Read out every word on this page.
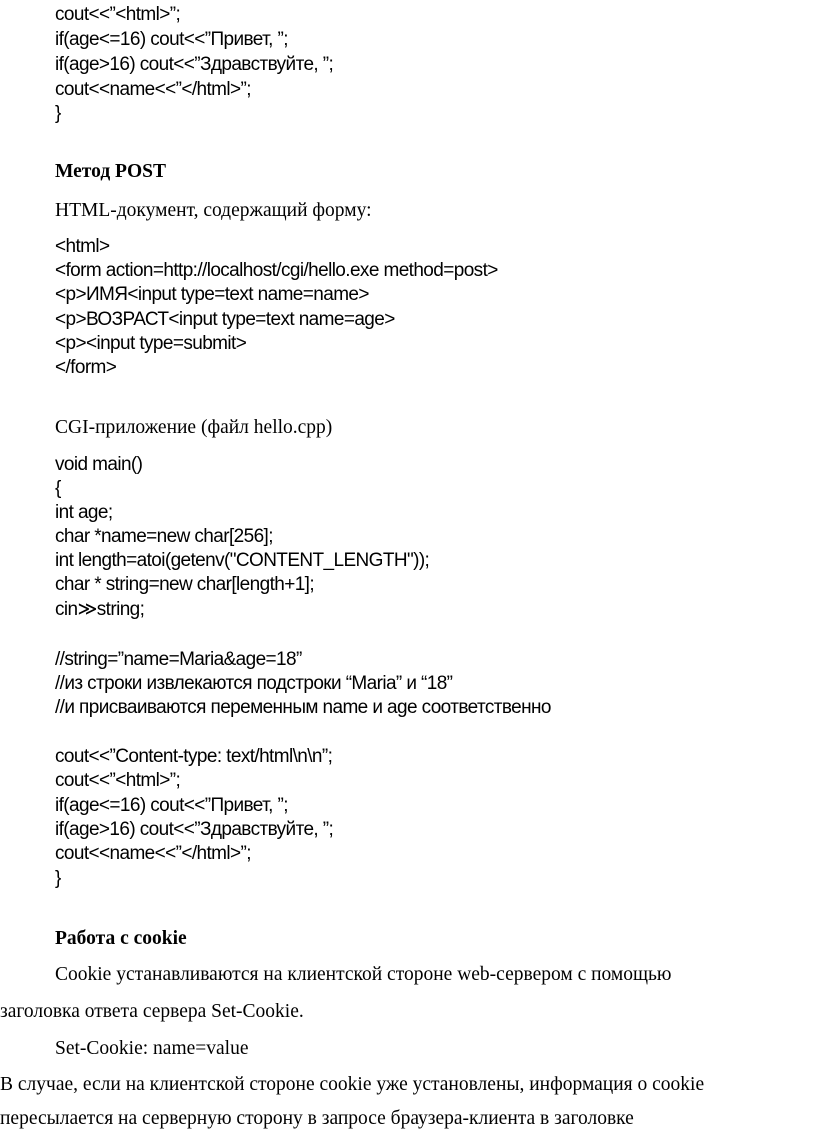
cout<<”<html>”;
if(age<=16) cout<<”Привет, ”;
if(age>16) cout<<”Здравствуйте, ”;
cout<<name<<”</html>”;
}
Метод POST
HTML-документ, содержащий форму:
<html>
<form action=http://localhost/cgi/hello.exe method=post>
<p>ИМЯ<input type=text name=name>
<p>ВОЗРАСТ<input type=text name=age>
<p><input type=submit>
</form>
CGI-приложение (файл hello.cpp)
void main()
{
int age;
char *name=new char[256];
int length=atoi(getenv("CONTENT_LENGTH"));
char * string=new char[length+1];
cin≫string;
//string=”name=Maria&age=18”
//из строки извлекаются подстроки “Maria” и “18”
//и присваиваются переменным name и age соответственно
cout<<”Content-type: text/html\n\n”;
cout<<”<html>”;
if(age<=16) cout<<”Привет, ”;
if(age>16) cout<<”Здравствуйте, ”;
cout<<name<<”</html>”;
}
Работа с cookie
Cookie устанавливаются на клиентской стороне web-сервером с помощью
заголовка ответа сервера Set-Cookie.
Set-Cookie: name=value
В случае, если на клиентской стороне cookie уже установлены, информация о cookie
пересылается на серверную сторону в запросе браузера-клиента в заголовке
